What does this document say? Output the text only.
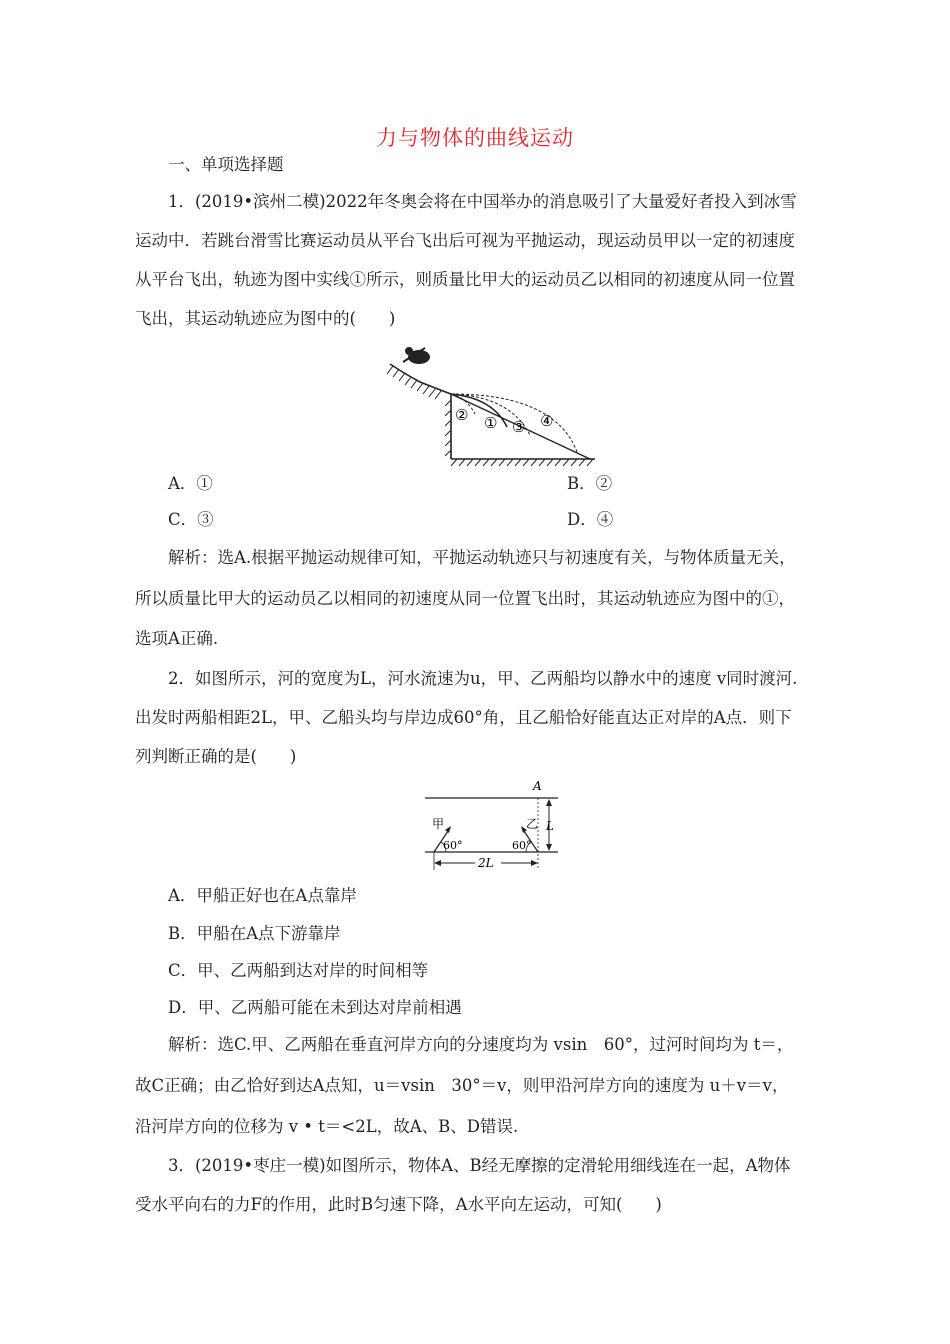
力与物体的曲线运动
一、单项选择题
1．(2019•滨州二模)2022年冬奥会将在中国举办的消息吸引了大量爱好者投入到冰雪
运动中．若跳台滑雪比赛运动员从平台飞出后可视为平抛运动，现运动员甲以一定的初速度
从平台飞出，轨迹为图中实线①所示，则质量比甲大的运动员乙以相同的初速度从同一位置
飞出，其运动轨迹应为图中的(　　)
② ① ③ ④
A．①	B．②
C．③	D．④
解析：选A.根据平抛运动规律可知，平抛运动轨迹只与初速度有关，与物体质量无关，
所以质量比甲大的运动员乙以相同的初速度从同一位置飞出时，其运动轨迹应为图中的①，
选项A正确.
2．如图所示，河的宽度为L，河水流速为u，甲、乙两船均以静水中的速度 v同时渡河.
出发时两船相距2L，甲、乙船头均与岸边成60°角，且乙船恰好能直达正对岸的A点．则下
列判断正确的是(　　)
A
L
甲
60°
乙
60°
2L
A．甲船正好也在A点靠岸
B．甲船在A点下游靠岸
C．甲、乙两船到达对岸的时间相等
D．甲、乙两船可能在未到达对岸前相遇
解析：选C.甲、乙两船在垂直河岸方向的分速度均为 vsin　60°，过河时间均为 t＝，
故C正确；由乙恰好到达A点知，u＝vsin　30°＝v，则甲沿河岸方向的速度为 u＋v＝v，
沿河岸方向的位移为 v • t＝<2L，故A、B、D错误.
3．(2019•枣庄一模)如图所示，物体A、B经无摩擦的定滑轮用细线连在一起，A物体
受水平向右的力F的作用，此时B匀速下降，A水平向左运动，可知(　　)
